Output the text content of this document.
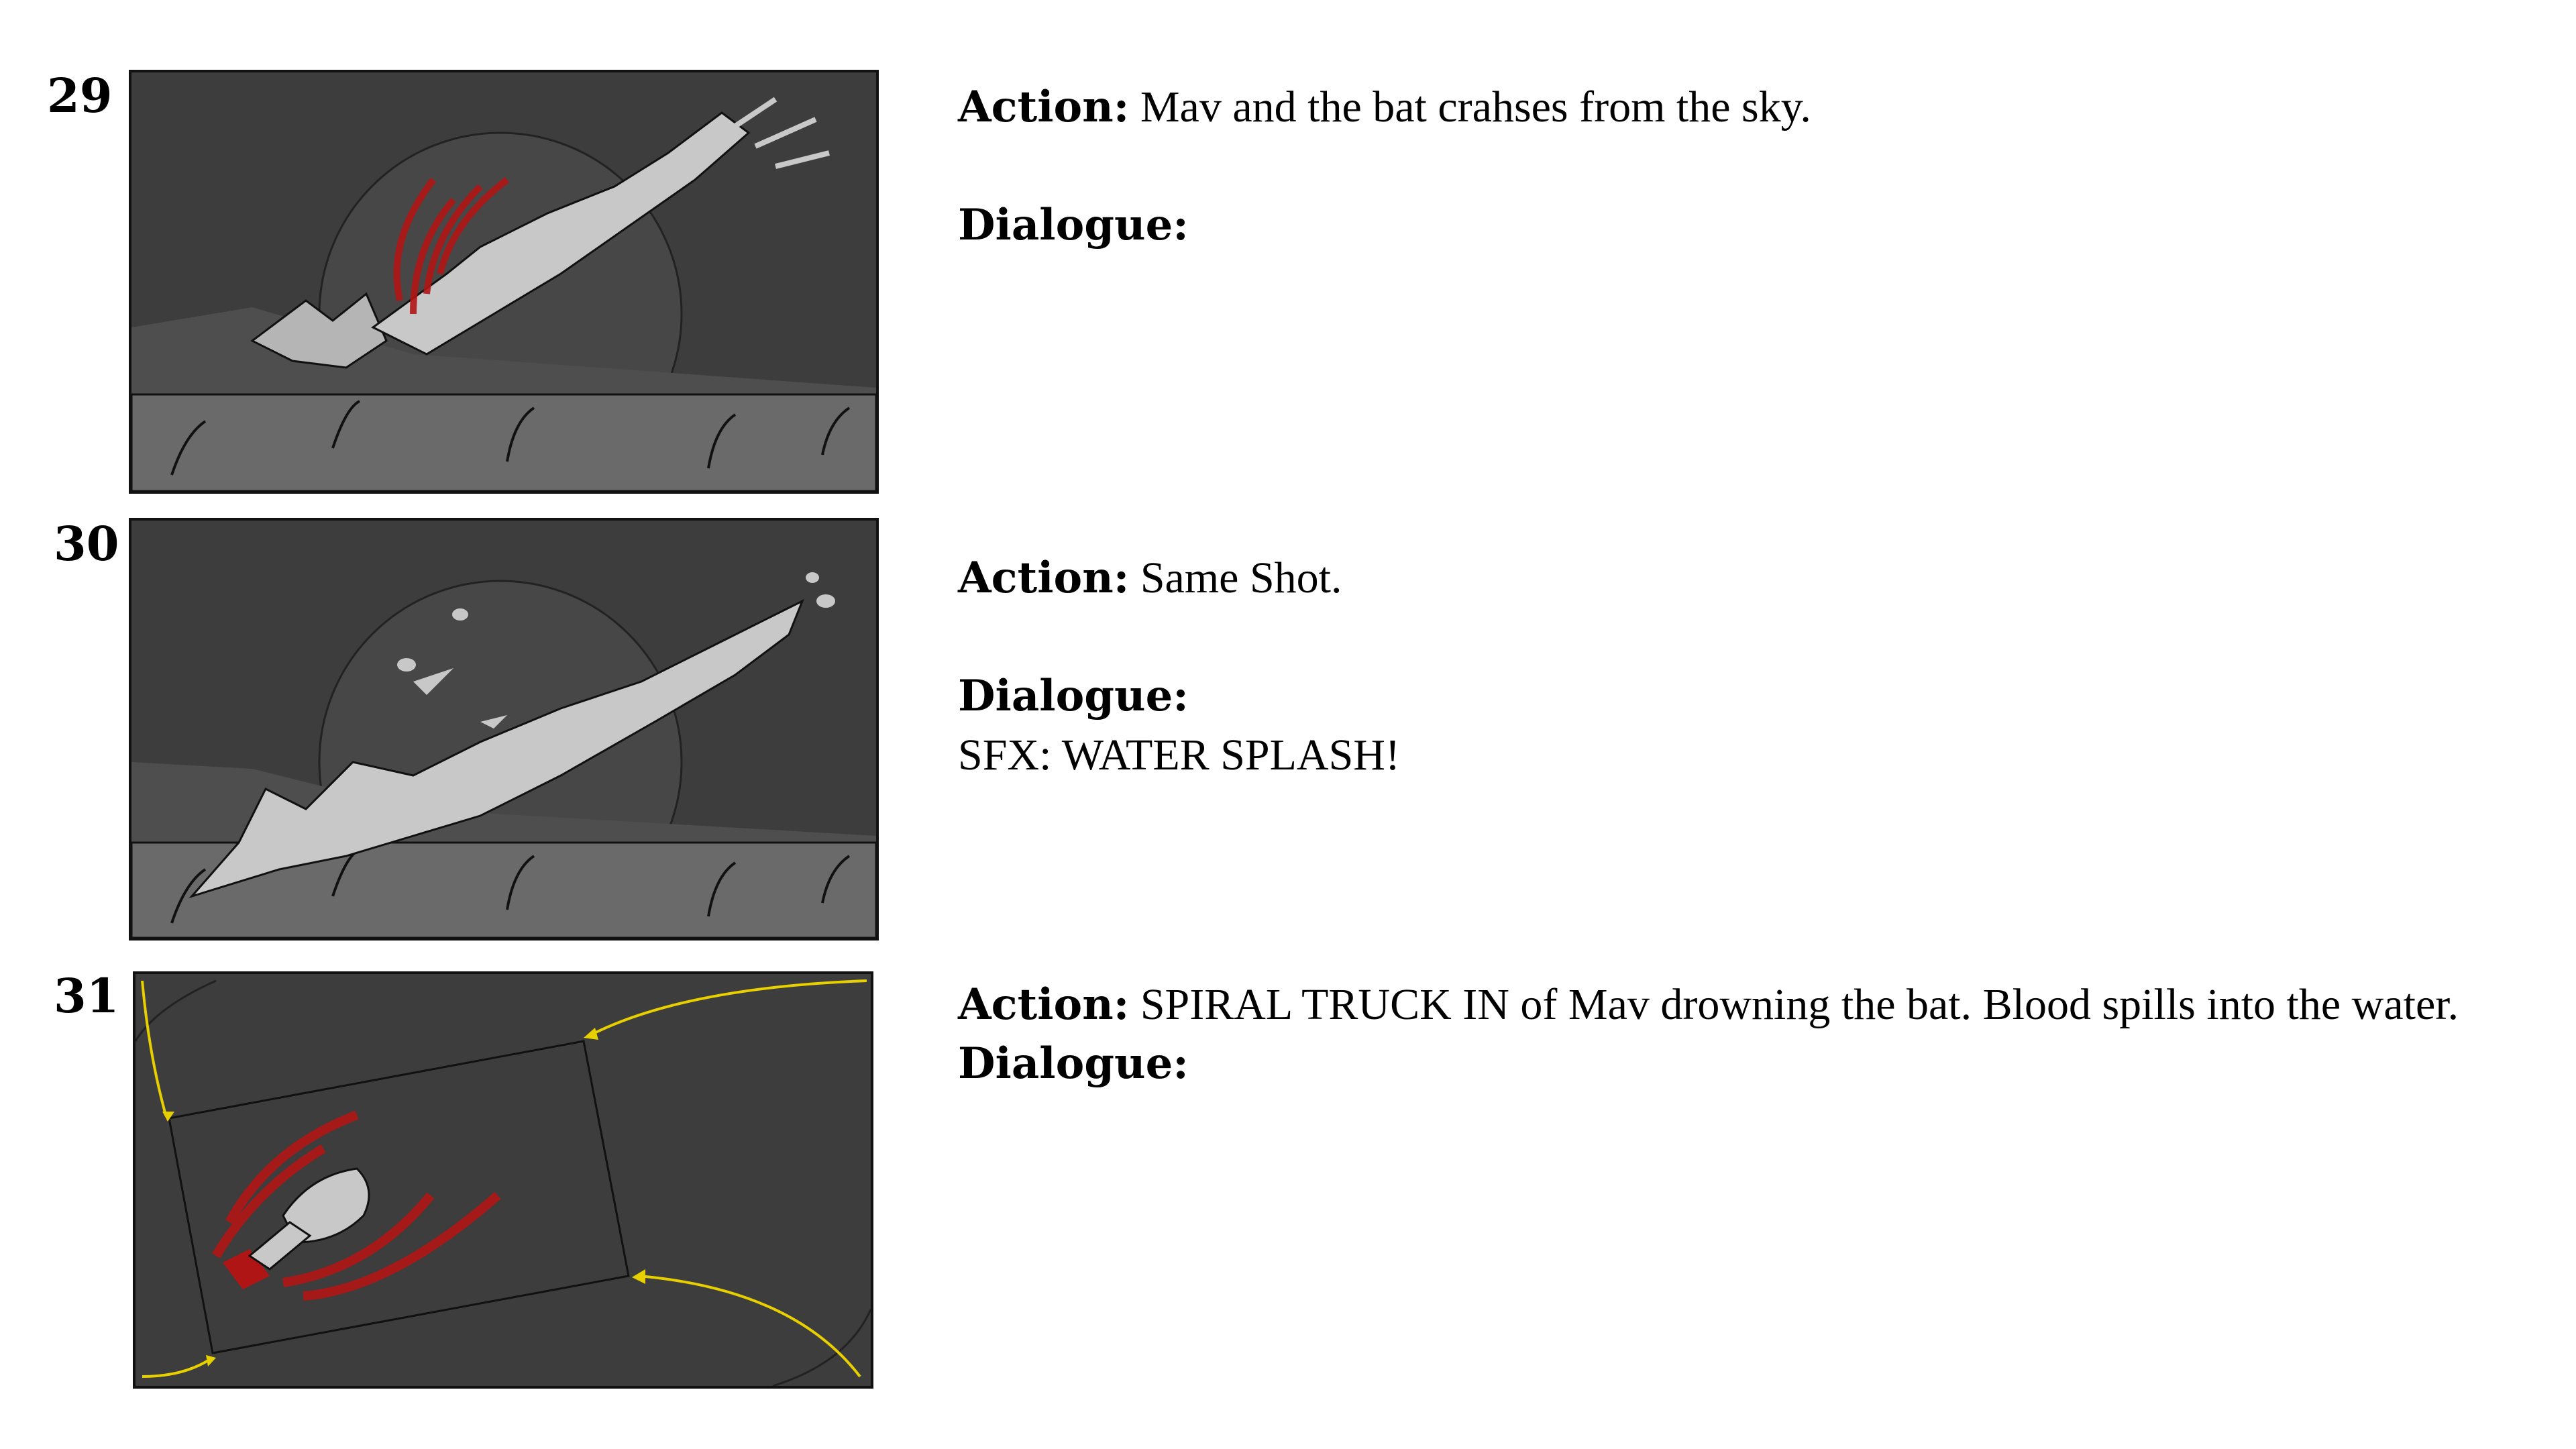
29	Action: Mav and the bat crahses from the sky.
Dialogue:
30
Action: Same Shot.
Dialogue:
SFX: WATER SPLASH!
31	Action: SPIRAL TRUCK IN of Mav drowning the bat. Blood spills into the water.
Dialogue:
